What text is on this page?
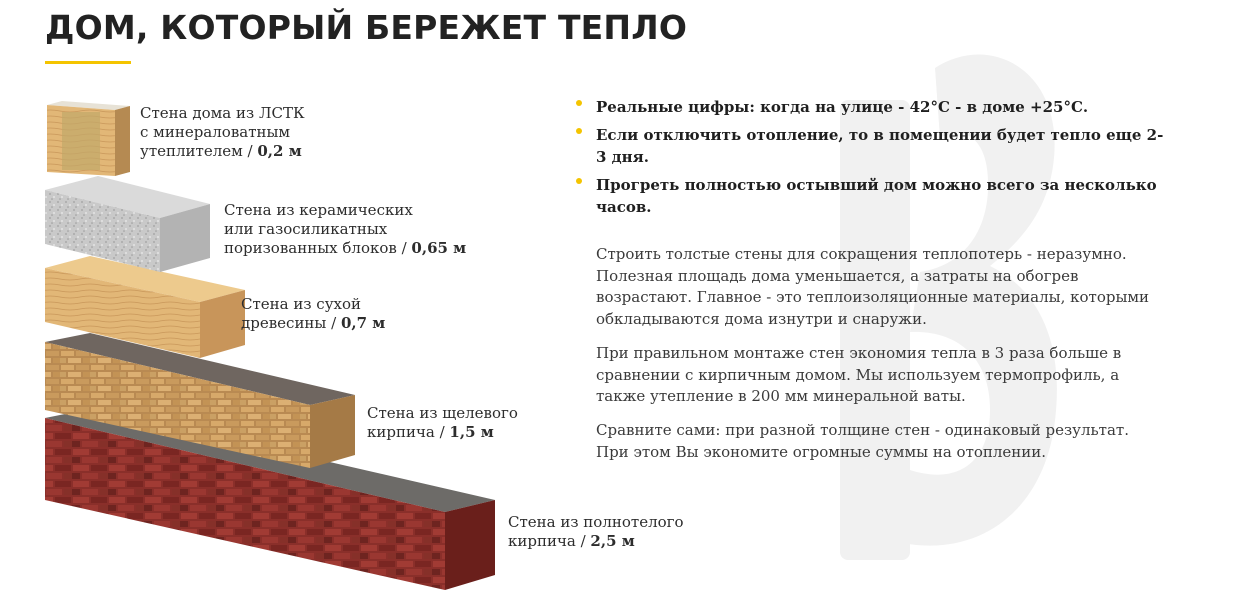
ДОМ, КОТОРЫЙ БЕРЕЖЕТ ТЕПЛО
Стена дома из ЛСТК
с минераловатным
утеплителем / 0,2 м
Стена из керамических
или газосиликатных
поризованных блоков / 0,65 м
Стена из сухой
древесины / 0,7 м
Стена из щелевого
кирпича / 1,5 м
Стена из полнотелого
кирпича / 2,5 м
Реальные цифры: когда на улице - 42°С - в доме +25°С.
Если отключить отопление, то в помещении будет тепло еще 2-3 дня.
Прогреть полностью остывший дом можно всего за несколько часов.

Строить толстые стены для сокращения теплопотерь - неразумно. Полезная площадь дома уменьшается, а затраты на обогрев возрастают. Главное - это теплоизоляционные материалы, которыми обкладываются дома изнутри и снаружи.

При правильном монтаже стен экономия тепла в 3 раза больше в сравнении с кирпичным домом. Мы используем термопрофиль, а также утепление в 200 мм минеральной ваты.

Сравните сами: при разной толщине стен - одинаковый результат. При этом Вы экономите огромные суммы на отоплении.
